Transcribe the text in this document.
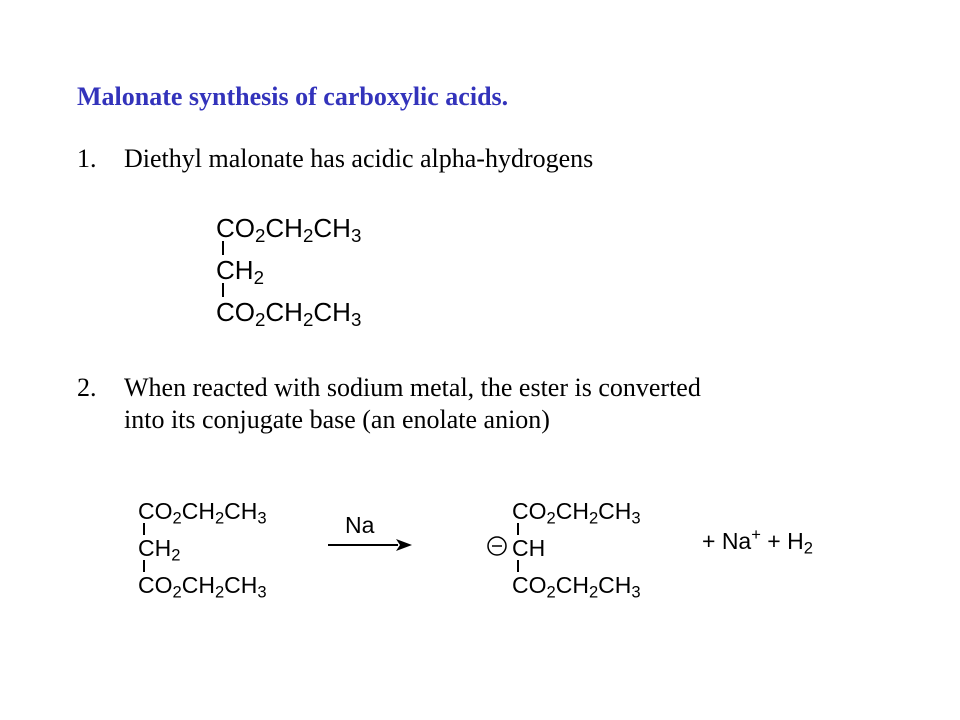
Malonate synthesis of carboxylic acids.
1. Diethyl malonate has acidic alpha-hydrogens
$CO_2CH_2CH_3$
$CH_2$
$CO_2CH_2CH_3$
2. When reacted with sodium metal, the ester is converted
into its conjugate base (an enolate anion)
$CO_2CH_2CH_3$
$CH_2$
$CO_2CH_2CH_3$
Na
$CO_2CH_2CH_3$
CH
$CO_2CH_2CH_3$
+ $Na^+ + H_2$
